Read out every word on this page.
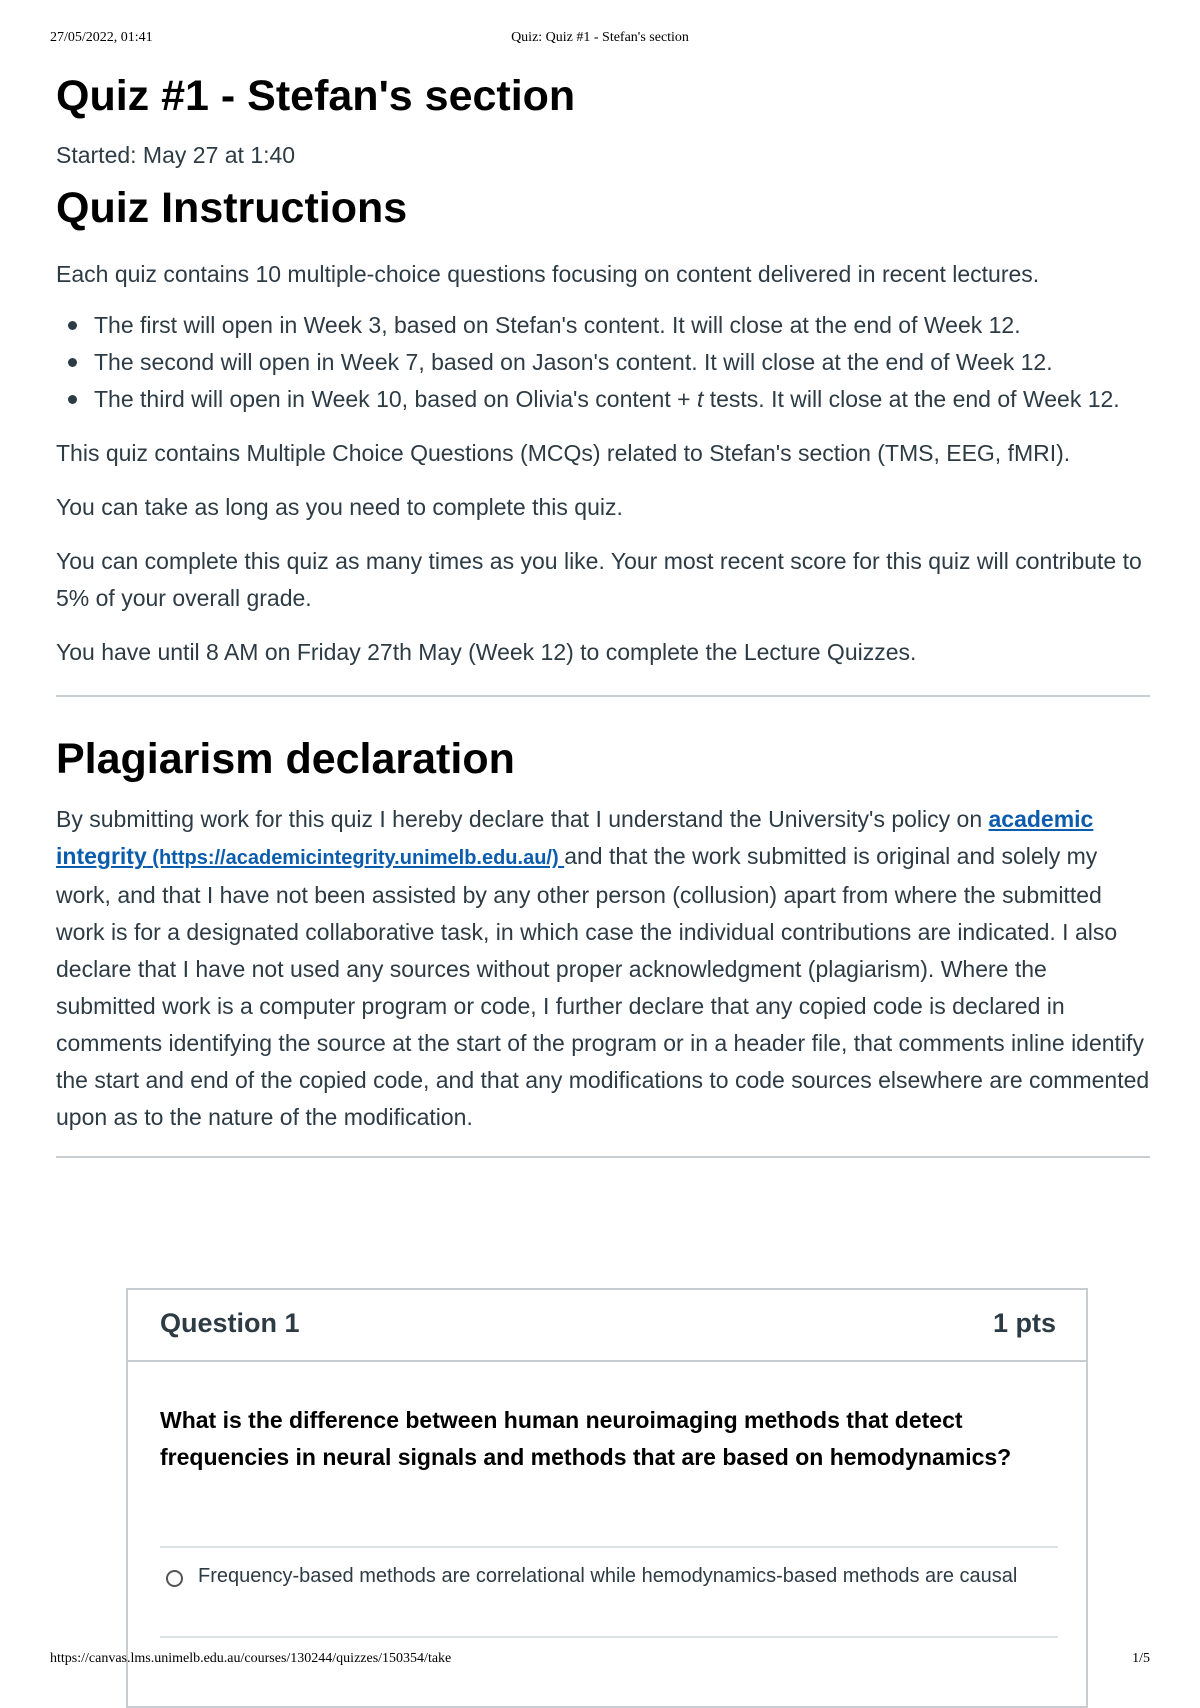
27/05/2022, 01:41	Quiz: Quiz #1 - Stefan's section
Quiz #1 - Stefan's section
Started: May 27 at 1:40
Quiz Instructions

Each quiz contains 10 multiple-choice questions focusing on content delivered in recent lectures.

The first will open in Week 3, based on Stefan's content. It will close at the end of Week 12.
The second will open in Week 7, based on Jason's content. It will close at the end of Week 12.
The third will open in Week 10, based on Olivia's content + t tests. It will close at the end of Week 12.

This quiz contains Multiple Choice Questions (MCQs) related to Stefan's section (TMS, EEG, fMRI).

You can take as long as you need to complete this quiz.

You can complete this quiz as many times as you like. Your most recent score for this quiz will contribute to 5% of your overall grade.

You have until 8 AM on Friday 27th May (Week 12) to complete the Lecture Quizzes.

Plagiarism declaration

By submitting work for this quiz I hereby declare that I understand the University's policy on academic integrity (https://academicintegrity.unimelb.edu.au/) and that the work submitted is original and solely my work, and that I have not been assisted by any other person (collusion) apart from where the submitted work is for a designated collaborative task, in which case the individual contributions are indicated. I also declare that I have not used any sources without proper acknowledgment (plagiarism). Where the submitted work is a computer program or code, I further declare that any copied code is declared in comments identifying the source at the start of the program or in a header file, that comments inline identify the start and end of the copied code, and that any modifications to code sources elsewhere are commented upon as to the nature of the modification.

Question 1	1 pts
What is the difference between human neuroimaging methods that detect frequencies in neural signals and methods that are based on hemodynamics?
Frequency-based methods are correlational while hemodynamics-based methods are causal
https://canvas.lms.unimelb.edu.au/courses/130244/quizzes/150354/take	1/5
